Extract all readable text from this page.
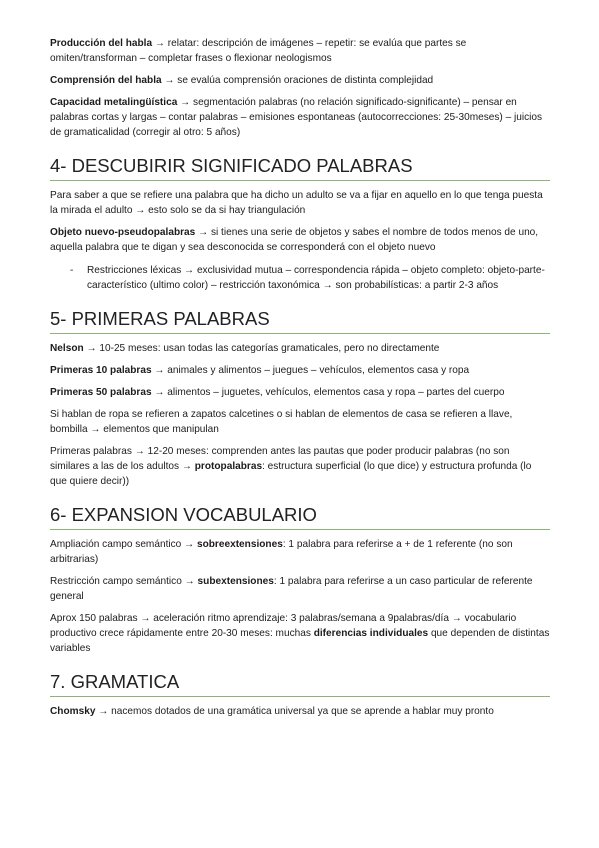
Producción del habla → relatar: descripción de imágenes – repetir: se evalúa que partes se omiten/transforman – completar frases o flexionar neologismos

Comprensión del habla → se evalúa comprensión oraciones de distinta complejidad

Capacidad metalingüística → segmentación palabras (no relación significado-significante) – pensar en palabras cortas y largas – contar palabras – emisiones espontaneas (autocorrecciones: 25-30meses) – juicios de gramaticalidad (corregir al otro: 5 años)

4- DESCUBIRIR SIGNIFICADO PALABRAS

Para saber a que se refiere una palabra que ha dicho un adulto se va a fijar en aquello en lo que tenga puesta la mirada el adulto → esto solo se da si hay triangulación

Objeto nuevo-pseudopalabras → si tienes una serie de objetos y sabes el nombre de todos menos de uno, aquella palabra que te digan y sea desconocida se corresponderá con el objeto nuevo

- Restricciones léxicas → exclusividad mutua – correspondencia rápida – objeto completo: objeto-parte-característico (ultimo color) – restricción taxonómica → son probabilísticas: a partir 2-3 años
5- PRIMERAS PALABRAS

Nelson → 10-25 meses: usan todas las categorías gramaticales, pero no directamente

Primeras 10 palabras → animales y alimentos – juegues – vehículos, elementos casa y ropa

Primeras 50 palabras → alimentos – juguetes, vehículos, elementos casa y ropa – partes del cuerpo

Si hablan de ropa se refieren a zapatos calcetines o si hablan de elementos de casa se refieren a llave, bombilla → elementos que manipulan

Primeras palabras → 12-20 meses: comprenden antes las pautas que poder producir palabras (no son similares a las de los adultos → protopalabras: estructura superficial (lo que dice) y estructura profunda (lo que quiere decir))

6- EXPANSION VOCABULARIO

Ampliación campo semántico → sobreextensiones: 1 palabra para referirse a + de 1 referente (no son arbitrarias)

Restricción campo semántico → subextensiones: 1 palabra para referirse a un caso particular de referente general

Aprox 150 palabras → aceleración ritmo aprendizaje: 3 palabras/semana a 9palabras/día → vocabulario productivo crece rápidamente entre 20-30 meses: muchas diferencias individuales que dependen de distintas variables

7. GRAMATICA

Chomsky → nacemos dotados de una gramática universal ya que se aprende a hablar muy pronto
